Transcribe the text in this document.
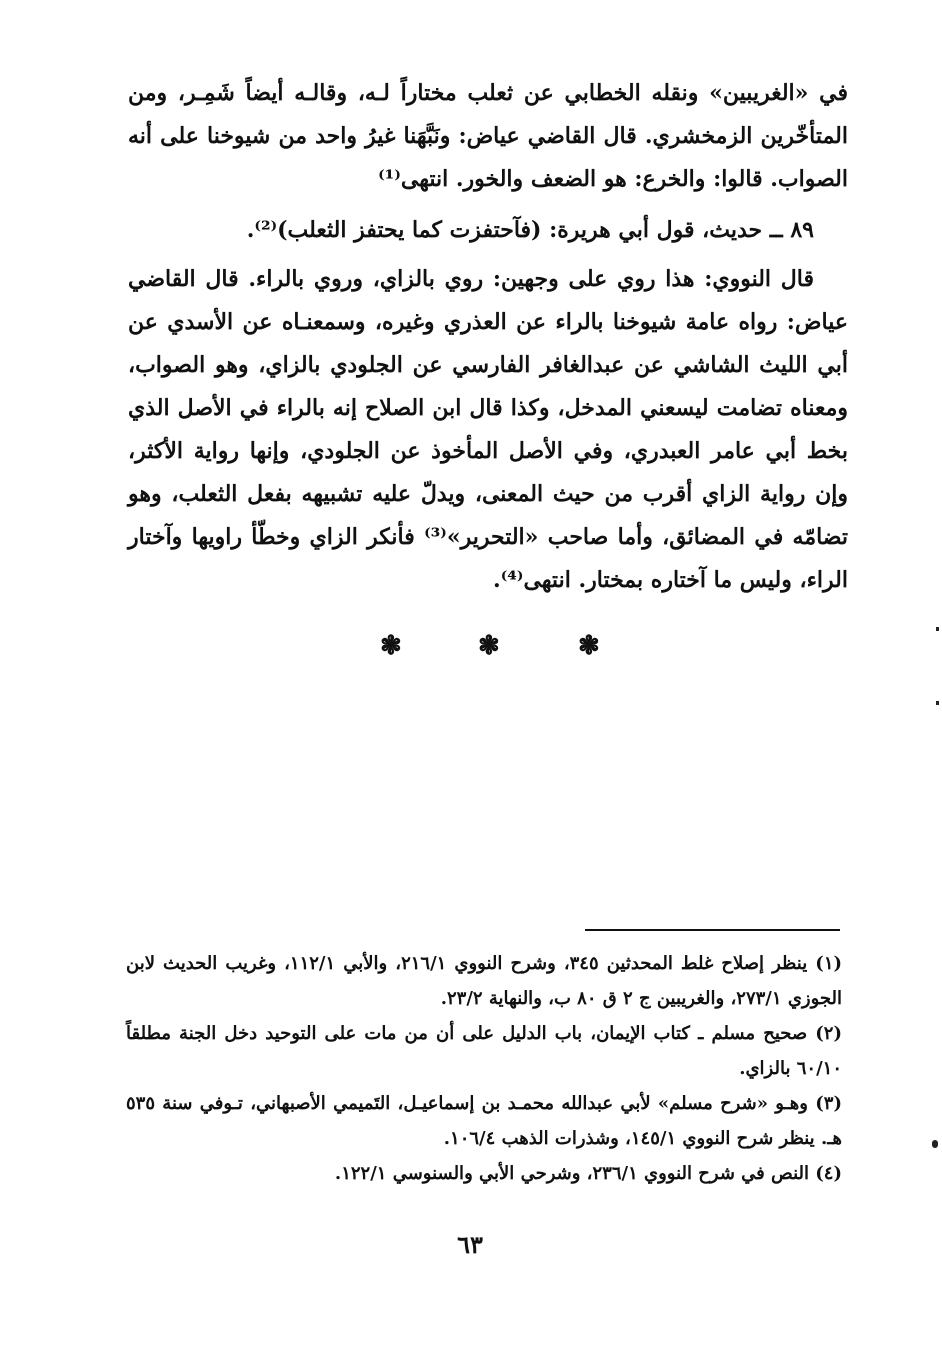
في «الغريبين» ونقله الخطابي عن ثعلب مختاراً لـه، وقالـه أيضاً شَمِـر، ومن المتأخّرين الزمخشري. قال القاضي عياض: ونَبَّهَنا غيرُ واحد من شيوخنا على أنه الصواب. قالوا: والخرع: هو الضعف والخور. انتهى⁽¹⁾

٨٩ ــ حديث، قول أبي هريرة: (فآحتفزت كما يحتفز الثعلب)⁽²⁾.

قال النووي: هذا روي على وجهين: روي بالزاي، وروي بالراء. قال القاضي عياض: رواه عامة شيوخنا بالراء عن العذري وغيره، وسمعنـاه عن الأسدي عن أبي الليث الشاشي عن عبدالغافر الفارسي عن الجلودي بالزاي، وهو الصواب، ومعناه تضامت ليسعني المدخل، وكذا قال ابن الصلاح إنه بالراء في الأصل الذي بخط أبي عامر العبدري، وفي الأصل المأخوذ عن الجلودي، وإنها رواية الأكثر، وإن رواية الزاي أقرب من حيث المعنى، ويدلّ عليه تشبيهه بفعل الثعلب، وهو تضامّه في المضائق، وأما صاحب «التحرير»⁽³⁾ فأنكر الزاي وخطّأ راويها وآختار الراء، وليس ما آختاره بمختار. انتهى⁽⁴⁾.

❃	❃	❃

(١) ينظر إصلاح غلط المحدثين ٣٤٥، وشرح النووي ٢١٦/١، والأبي ١١٢/١، وغريب الحديث لابن الجوزي ٢٧٣/١، والغريبين ج ٢ ق ٨٠ ب، والنهاية ٢٣/٢.

(٢) صحيح مسلم ـ كتاب الإيمان، باب الدليل على أن من مات على التوحيد دخل الجنة مطلقاً ٦٠/١٠ بالزاي.

(٣) وهـو «شرح مسلم» لأبي عبدالله محمـد بن إسماعيـل، التَميمي الأصبهاني، تـوفي سنة ٥٣٥ هـ. ينظر شرح النووي ١٤٥/١، وشذرات الذهب ١٠٦/٤.

(٤) النص في شرح النووي ٢٣٦/١، وشرحي الأبي والسنوسي ١٢٢/١.

٦٣
